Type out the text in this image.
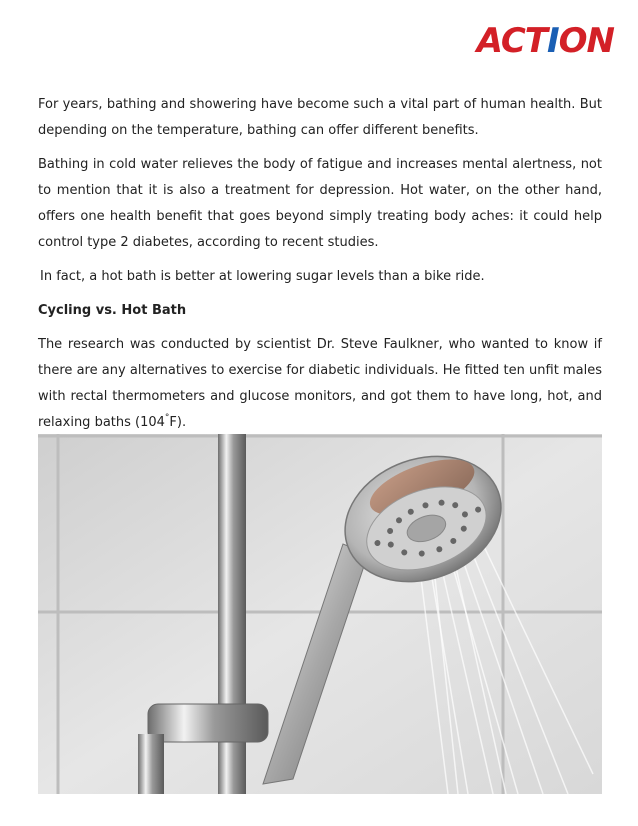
ACT I ON

For years, bathing and showering have become such a vital part of human health. But depending on the temperature, bathing can offer different benefits.

Bathing in cold water relieves the body of fatigue and increases mental alertness, not to mention that it is also a treatment for depression. Hot water, on the other hand, offers one health benefit that goes beyond simply treating body aches: it could help control type 2 diabetes, according to recent studies.

In fact, a hot bath is better at lowering sugar levels than a bike ride.

Cycling vs. Hot Bath

The research was conducted by scientist Dr. Steve Faulkner, who wanted to know if there are any alternatives to exercise for diabetic individuals. He fitted ten unfit males with rectal thermometers and glucose monitors, and got them to have long, hot, and relaxing baths (104°F).
